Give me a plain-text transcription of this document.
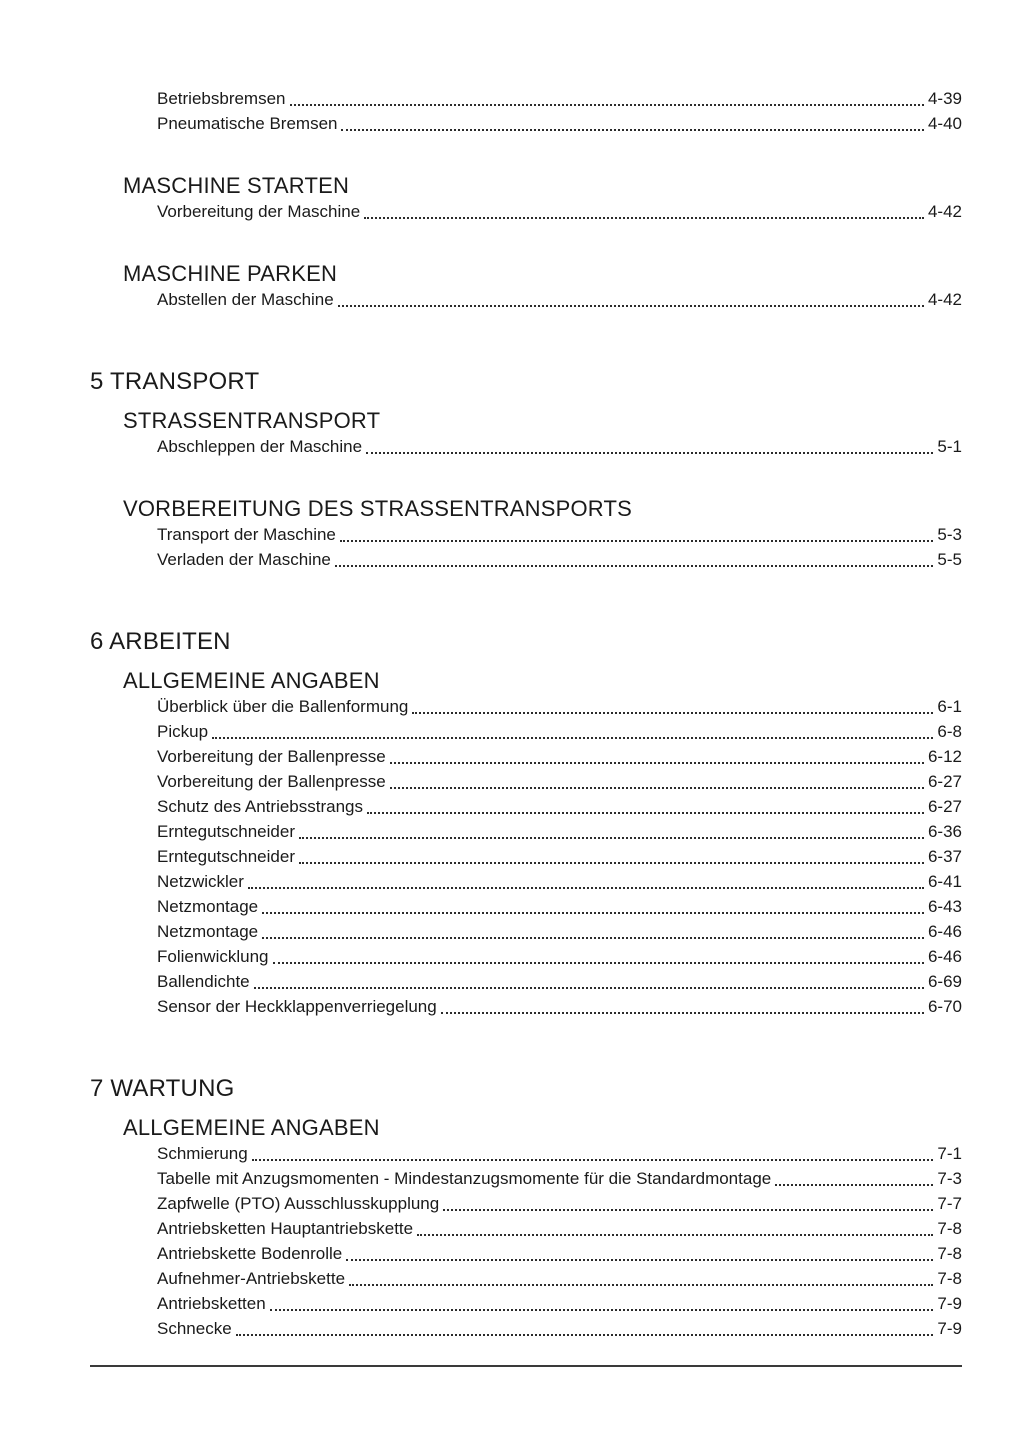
Betriebsbremsen	4-39
Pneumatische Bremsen	4-40
MASCHINE STARTEN
Vorbereitung der Maschine	4-42
MASCHINE PARKEN
Abstellen der Maschine	4-42
5 TRANSPORT
STRASSENTRANSPORT
Abschleppen der Maschine	5-1
VORBEREITUNG DES STRASSENTRANSPORTS
Transport der Maschine	5-3
Verladen der Maschine	5-5
6 ARBEITEN
ALLGEMEINE ANGABEN
Überblick über die Ballenformung	6-1
Pickup	6-8
Vorbereitung der Ballenpresse	6-12
Vorbereitung der Ballenpresse	6-27
Schutz des Antriebsstrangs	6-27
Erntegutschneider	6-36
Erntegutschneider	6-37
Netzwickler	6-41
Netzmontage	6-43
Netzmontage	6-46
Folienwicklung	6-46
Ballendichte	6-69
Sensor der Heckklappenverriegelung	6-70
7 WARTUNG
ALLGEMEINE ANGABEN
Schmierung	7-1
Tabelle mit Anzugsmomenten - Mindestanzugsmomente für die Standardmontage	7-3
Zapfwelle (PTO) Ausschlusskupplung	7-7
Antriebsketten Hauptantriebskette	7-8
Antriebskette Bodenrolle	7-8
Aufnehmer-Antriebskette	7-8
Antriebsketten	7-9
Schnecke	7-9
